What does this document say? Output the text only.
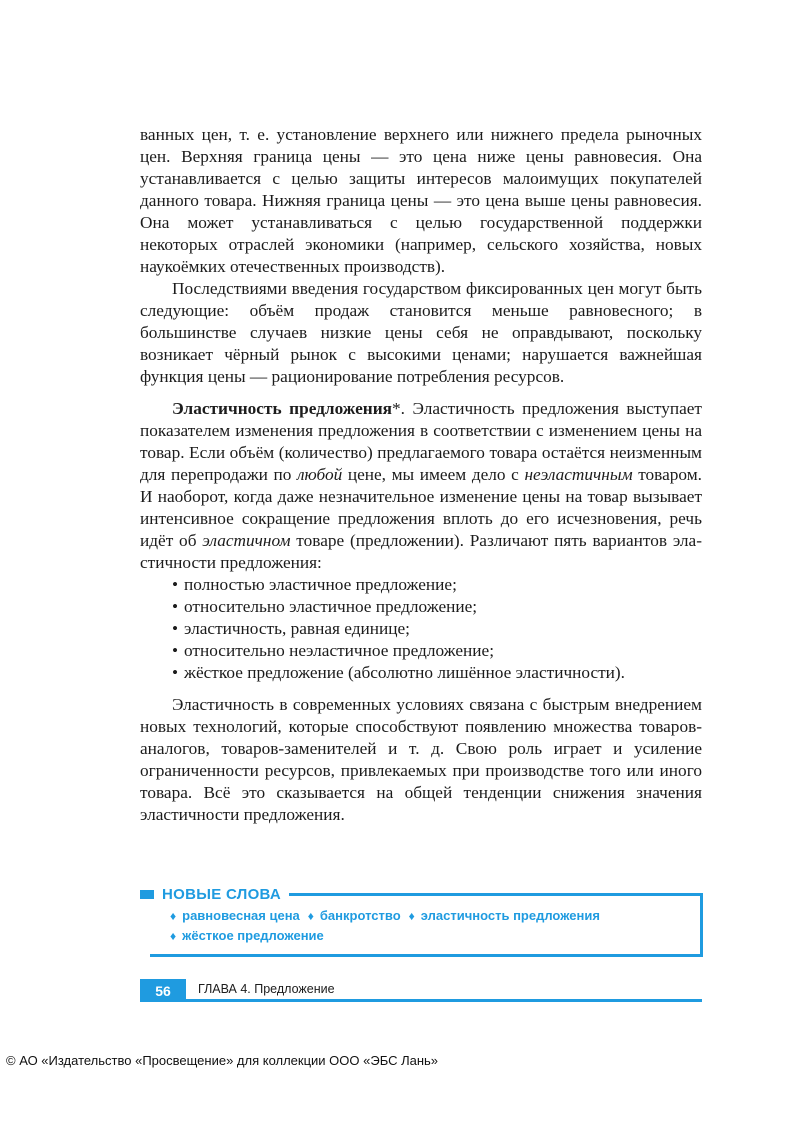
ванных цен, т. е. установление верхнего или нижнего предела рыночных цен. Верхняя граница цены — это цена ниже цены равновесия. Она устанавливается с целью защиты интересов малоимущих покупателей данного товара. Нижняя граница цены — это цена выше цены равновесия. Она может устанавливаться с целью государственной поддержки некоторых отраслей экономики (например, сельского хозяйства, новых наукоёмких отечественных производств).

Последствиями введения государством фиксированных цен могут быть следующие: объём продаж становится меньше равновесного; в большинстве случаев низкие цены себя не оправдывают, поскольку возникает чёрный рынок с высокими ценами; нарушается важнейшая функция цены — рационирование потребления ресурсов.

Эластичность предложения*. Эластичность предложения выступает показателем изменения предложения в соответствии с изменением цены на товар. Если объём (количество) предлагаемого товара остаётся неизменным для перепродажи по любой цене, мы имеем дело с неэластичным товаром. И наоборот, когда даже незначительное изменение цены на товар вызывает интенсивное сокращение предложения вплоть до его исчезновения, речь идёт об эластичном товаре (предложении). Различают пять вариантов эластичности предложения:

• полностью эластичное предложение;
• относительно эластичное предложение;
• эластичность, равная единице;
• относительно неэластичное предложение;
• жёсткое предложение (абсолютно лишённое эластичности).

Эластичность в современных условиях связана с быстрым внедрением новых технологий, которые способствуют появлению множества товаров-аналогов, товаров-заменителей и т. д. Свою роль играет и усиление ограниченности ресурсов, привлекаемых при производстве того или иного товара. Всё это сказывается на общей тенденции снижения значения эластичности предложения.

НОВЫЕ СЛОВА
♦ равновесная цена ♦ банкротство ♦ эластичность предложения
♦ жёсткое предложение
56 ГЛАВА 4. Предложение
© АО «Издательство «Просвещение» для коллекции ООО «ЭБС Лань»
